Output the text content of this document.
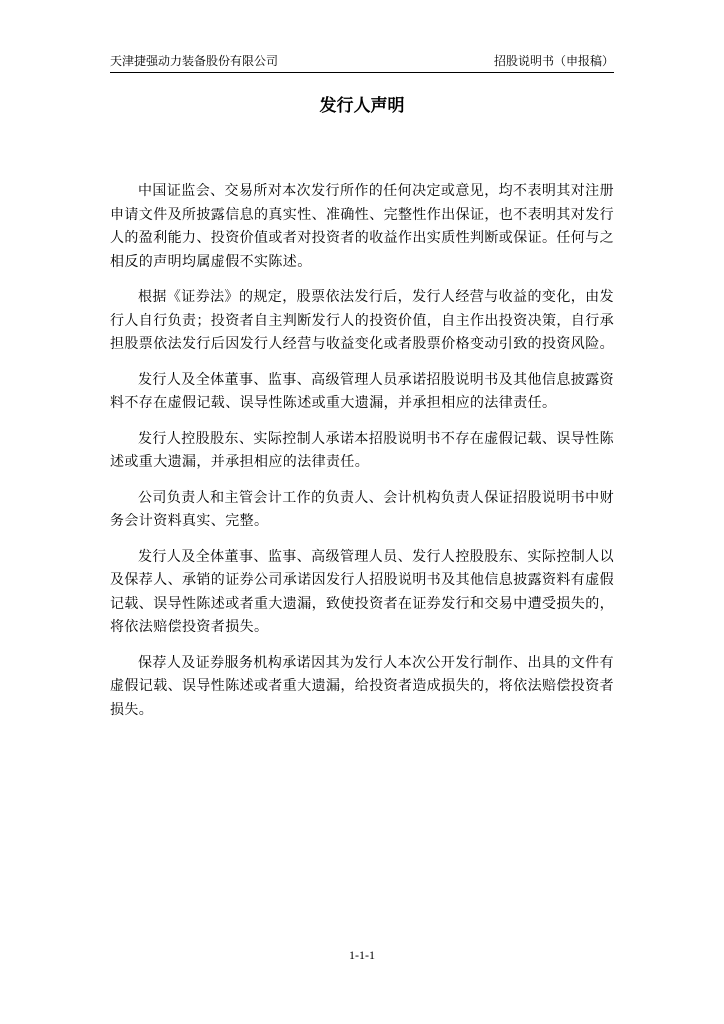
天津捷强动力装备股份有限公司	招股说明书（申报稿）
发行人声明

中国证监会、交易所对本次发行所作的任何决定或意见，均不表明其对注册申请文件及所披露信息的真实性、准确性、完整性作出保证，也不表明其对发行人的盈利能力、投资价值或者对投资者的收益作出实质性判断或保证。任何与之相反的声明均属虚假不实陈述。

根据《证券法》的规定，股票依法发行后，发行人经营与收益的变化，由发行人自行负责；投资者自主判断发行人的投资价值，自主作出投资决策，自行承担股票依法发行后因发行人经营与收益变化或者股票价格变动引致的投资风险。

发行人及全体董事、监事、高级管理人员承诺招股说明书及其他信息披露资料不存在虚假记载、误导性陈述或重大遗漏，并承担相应的法律责任。

发行人控股股东、实际控制人承诺本招股说明书不存在虚假记载、误导性陈述或重大遗漏，并承担相应的法律责任。

公司负责人和主管会计工作的负责人、会计机构负责人保证招股说明书中财务会计资料真实、完整。

发行人及全体董事、监事、高级管理人员、发行人控股股东、实际控制人以及保荐人、承销的证券公司承诺因发行人招股说明书及其他信息披露资料有虚假记载、误导性陈述或者重大遗漏，致使投资者在证券发行和交易中遭受损失的，将依法赔偿投资者损失。

保荐人及证券服务机构承诺因其为发行人本次公开发行制作、出具的文件有虚假记载、误导性陈述或者重大遗漏，给投资者造成损失的，将依法赔偿投资者损失。

1-1-1
